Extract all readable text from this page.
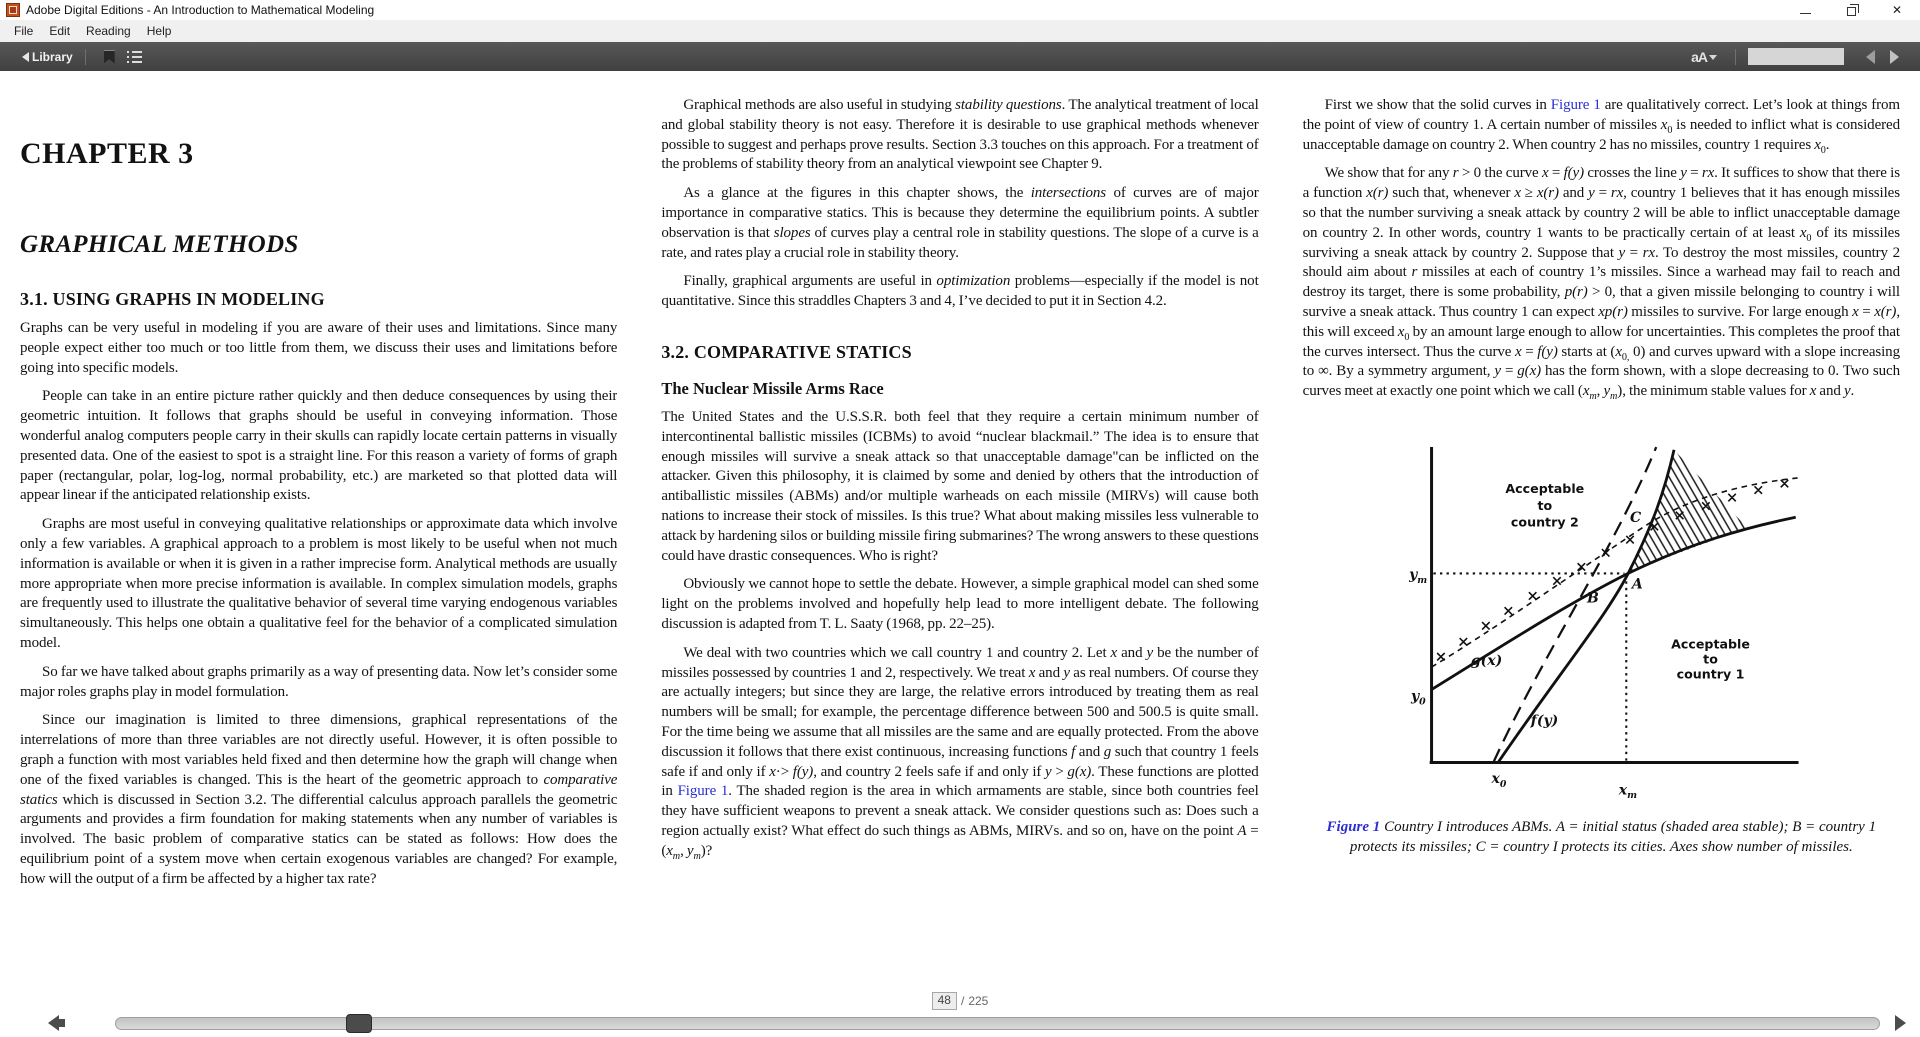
Adobe Digital Editions - An Introduction to Mathematical Modeling	✕
File	Edit	Reading	Help
Library	aA
CHAPTER 3
GRAPHICAL METHODS
3.1. USING GRAPHS IN MODELING
Graphs can be very useful in modeling if you are aware of their uses and limitations. Since many people expect either too much or too little from them, we discuss their uses and limitations before going into specific models.
People can take in an entire picture rather quickly and then deduce consequences by using their geometric intuition. It follows that graphs should be useful in conveying information. Those wonderful analog computers people carry in their skulls can rapidly locate certain patterns in visually presented data. One of the easiest to spot is a straight line. For this reason a variety of forms of graph paper (rectangular, polar, log-log, normal probability, etc.) are marketed so that plotted data will appear linear if the anticipated relationship exists.
Graphs are most useful in conveying qualitative relationships or approximate data which involve only a few variables. A graphical approach to a problem is most likely to be useful when not much information is available or when it is given in a rather imprecise form. Analytical methods are usually more appropriate when more precise information is available. In complex simulation models, graphs are frequently used to illustrate the qualitative behavior of several time varying endogenous variables simultaneously. This helps one obtain a qualitative feel for the behavior of a complicated simulation model.
So far we have talked about graphs primarily as a way of presenting data. Now let’s consider some major roles graphs play in model formulation.
Since our imagination is limited to three dimensions, graphical representations of the interrelations of more than three variables are not directly useful. However, it is often possible to graph a function with most variables held fixed and then determine how the graph will change when one of the fixed variables is changed. This is the heart of the geometric approach to comparative statics which is discussed in Section 3.2. The differential calculus approach parallels the geometric arguments and provides a firm foundation for making statements when any number of variables is involved. The basic problem of comparative statics can be stated as follows: How does the equilibrium point of a system move when certain exogenous variables are changed? For example, how will the output of a firm be affected by a higher tax rate?
Graphical methods are also useful in studying stability questions. The analytical treatment of local and global stability theory is not easy. Therefore it is desirable to use graphical methods whenever possible to suggest and perhaps prove results. Section 3.3 touches on this approach. For a treatment of the problems of stability theory from an analytical viewpoint see Chapter 9.
As a glance at the figures in this chapter shows, the intersections of curves are of major importance in comparative statics. This is because they determine the equilibrium points. A subtler observation is that slopes of curves play a central role in stability questions. The slope of a curve is a rate, and rates play a crucial role in stability theory.
Finally, graphical arguments are useful in optimization problems—especially if the model is not quantitative. Since this straddles Chapters 3 and 4, I’ve decided to put it in Section 4.2.
3.2. COMPARATIVE STATICS
The Nuclear Missile Arms Race
The United States and the U.S.S.R. both feel that they require a certain minimum number of intercontinental ballistic missiles (ICBMs) to avoid “nuclear blackmail.” The idea is to ensure that enough missiles will survive a sneak attack so that unacceptable damage"can be inflicted on the attacker. Given this philosophy, it is claimed by some and denied by others that the introduction of antiballistic missiles (ABMs) and/or multiple warheads on each missile (MIRVs) will cause both nations to increase their stock of missiles. Is this true? What about making missiles less vulnerable to attack by hardening silos or building missile firing submarines? The wrong answers to these questions could have drastic consequences. Who is right?
Obviously we cannot hope to settle the debate. However, a simple graphical model can shed some light on the problems involved and hopefully help lead to more intelligent debate. The following discussion is adapted from T. L. Saaty (1968, pp. 22–25).
We deal with two countries which we call country 1 and country 2. Let x and y be the number of missiles possessed by countries 1 and 2, respectively. We treat x and y as real numbers. Of course they are actually integers; but since they are large, the relative errors introduced by treating them as real numbers will be small; for example, the percentage difference between 500 and 500.5 is quite small. For the time being we assume that all missiles are the same and are equally protected. From the above discussion it follows that there exist continuous, increasing functions f and g such that country 1 feels safe if and only if x·> f(y), and country 2 feels safe if and only if y > g(x). These functions are plotted in Figure 1. The shaded region is the area in which armaments are stable, since both countries feel they have sufficient weapons to prevent a sneak attack. We consider questions such as: Does such a region actually exist? What effect do such things as ABMs, MIRVs. and so on, have on the point $A = (x_m$, $y_m$)?
First we show that the solid curves in Figure 1 are qualitatively correct. Let’s look at things from the point of view of country 1. A certain number of missiles $x_0$ is needed to inflict what is considered unacceptable damage on country 2. When country 2 has no missiles, country 1 requires $x_0$.
We show that for any r > 0 the curve x = f(y) crosses the line y = rx. It suffices to show that there is a function x(r) such that, whenever x ≥ x(r) and y = rx, country 1 believes that it has enough missiles so that the number surviving a sneak attack by country 2 will be able to inflict unacceptable damage on country 2. In other words, country 1 wants to be practically certain of at least $x_0$ of its missiles surviving a sneak attack by country 2. Suppose that y = rx. To destroy the most missiles, country 2 should aim about r missiles at each of country 1’s missiles. Since a warhead may fail to reach and destroy its target, there is some probability, p(r) > 0, that a given missile belonging to country i will survive a sneak attack. Thus country 1 can expect xp(r) missiles to survive. For large enough x = x(r), this will exceed $x_0$ by an amount large enough to allow for uncertainties. This completes the proof that the curves intersect. Thus the curve x = f(y) starts at ($x_{0,}$ 0) and curves upward with a slope increasing to ∞. By a symmetry argument, y = g(x) has the form shown, with a slope decreasing to 0. Two such curves meet at exactly one point which we call ($x_m$, $y_m$), the minimum stable values for x and y.
Acceptable
to
country 2
Acceptable
to
country 1
$y_m$
$y_0$
$x_0$	$x_m$
g(x)
f(y)
A
B
C
Figure 1 Country I introduces ABMs. A = initial status (shaded area stable); B = country 1 protects its missiles; C = country I protects its cities. Axes show number of missiles.
48 / 225
